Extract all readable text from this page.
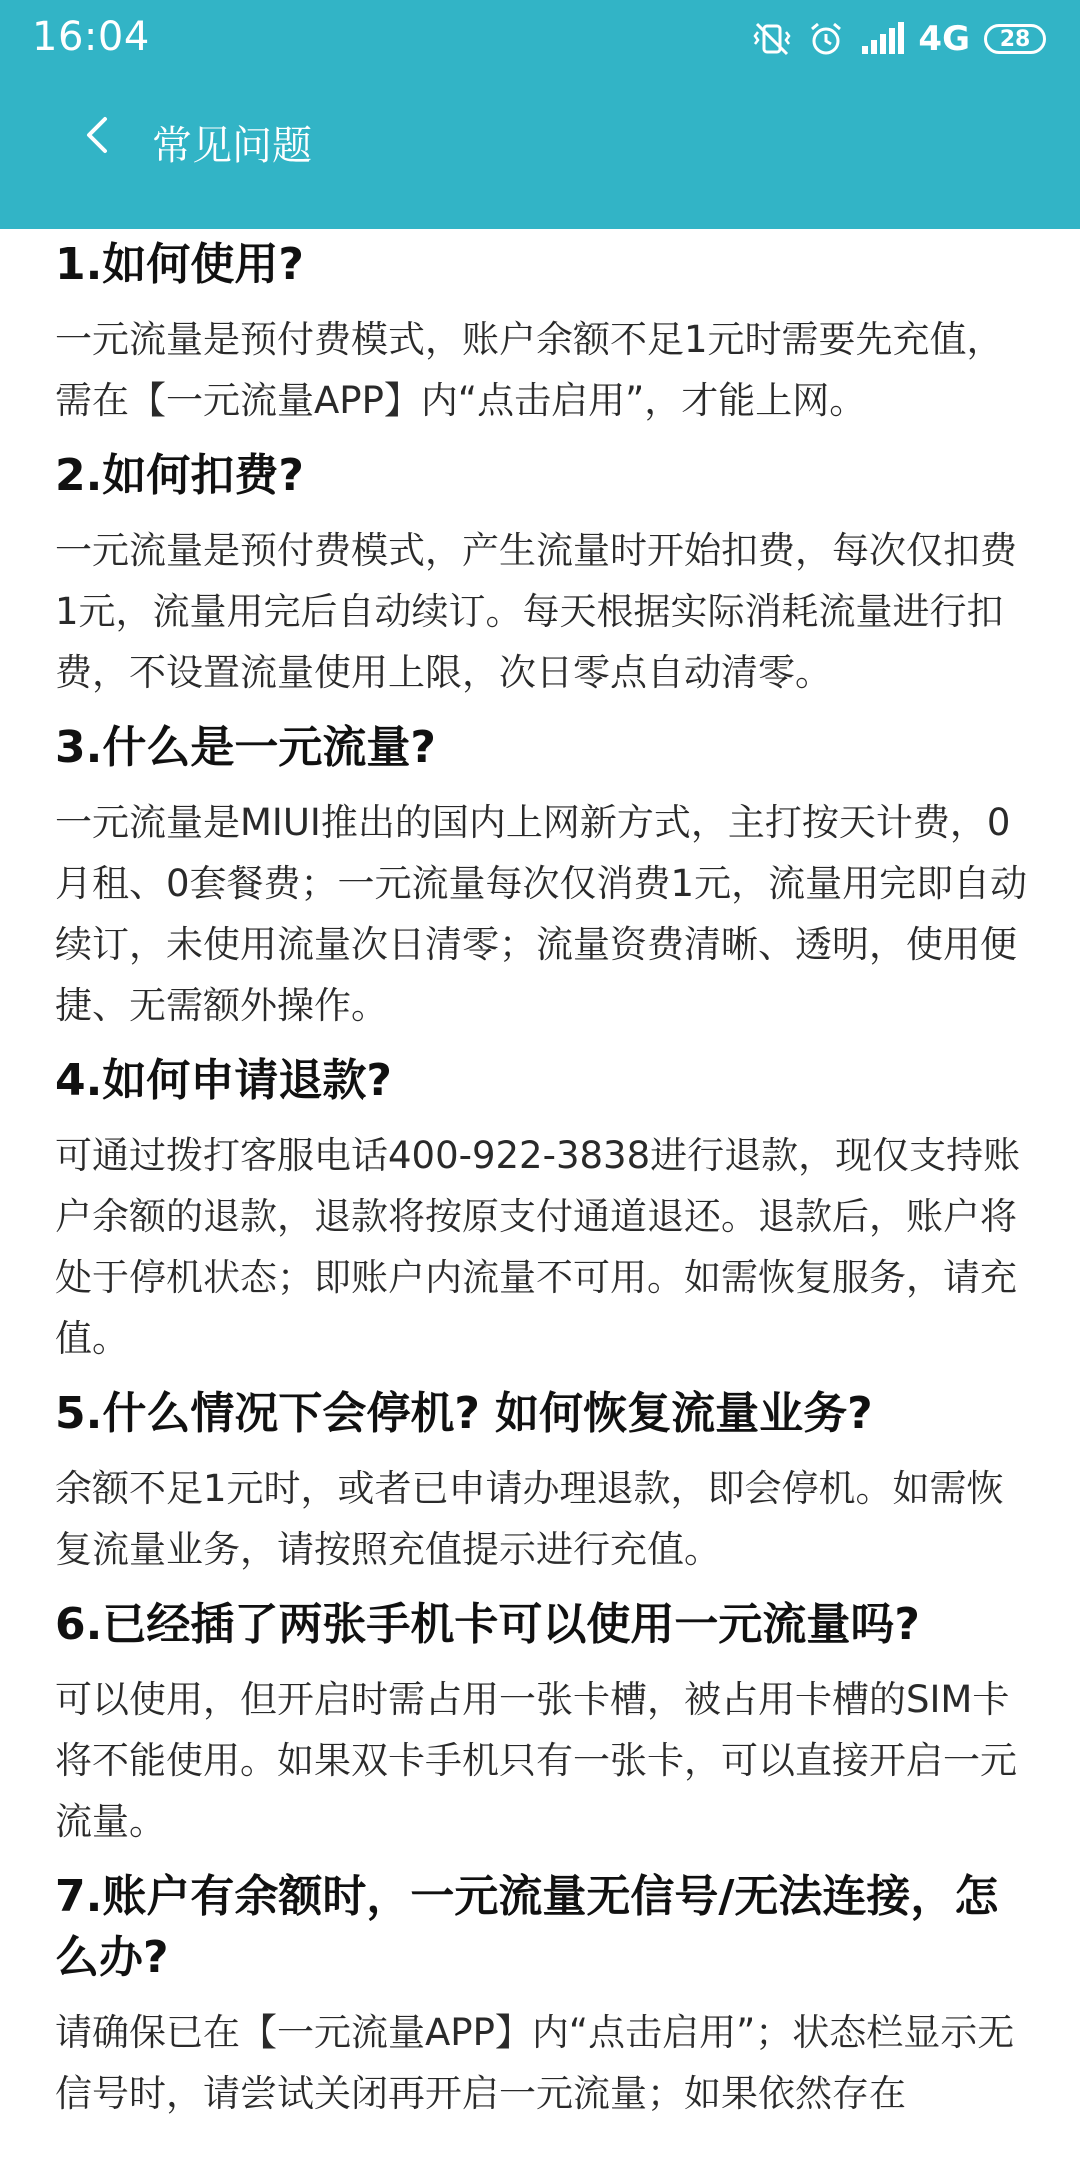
16:04	4G 28
常见问题
1.如何使用?
一元流量是预付费模式，账户余额不足1元时需要先充值，需在【一元流量APP】内“点击启用”，才能上网。
2.如何扣费?
一元流量是预付费模式，产生流量时开始扣费，每次仅扣费1元，流量用完后自动续订。每天根据实际消耗流量进行扣费，不设置流量使用上限，次日零点自动清零。
3.什么是一元流量?
一元流量是MIUI推出的国内上网新方式，主打按天计费，0月租、0套餐费；一元流量每次仅消费1元，流量用完即自动续订，未使用流量次日清零；流量资费清晰、透明，使用便捷、无需额外操作。
4.如何申请退款?
可通过拨打客服电话400-922-3838进行退款，现仅支持账户余额的退款，退款将按原支付通道退还。退款后，账户将处于停机状态；即账户内流量不可用。如需恢复服务，请充值。
5.什么情况下会停机? 如何恢复流量业务?
余额不足1元时，或者已申请办理退款，即会停机。如需恢复流量业务，请按照充值提示进行充值。
6.已经插了两张手机卡可以使用一元流量吗?
可以使用，但开启时需占用一张卡槽，被占用卡槽的SIM卡将不能使用。如果双卡手机只有一张卡，可以直接开启一元流量。
7.账户有余额时，一元流量无信号/无法连接，怎么办?
请确保已在【一元流量APP】内“点击启用”；状态栏显示无信号时，请尝试关闭再开启一元流量；如果依然存在
